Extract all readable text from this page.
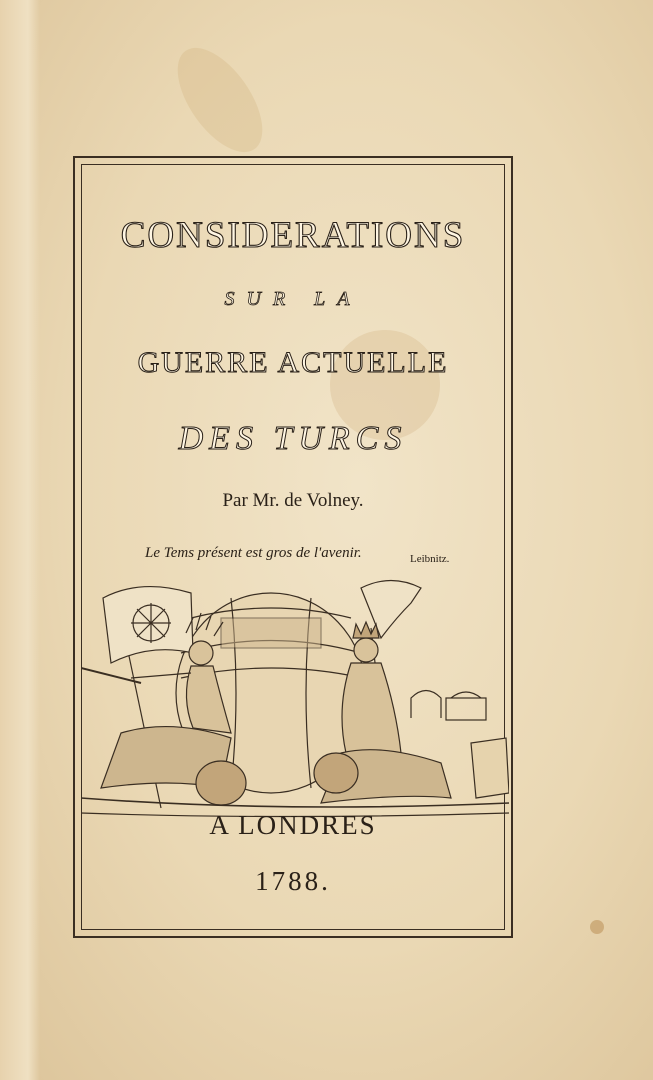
CONSIDERATIONS
SUR LA
GUERRE ACTUELLE
DES TURCS
Par Mr. de Volney.
Le Tems présent est gros de l'avenir.	Leibnitz.
A LONDRES
1788.
